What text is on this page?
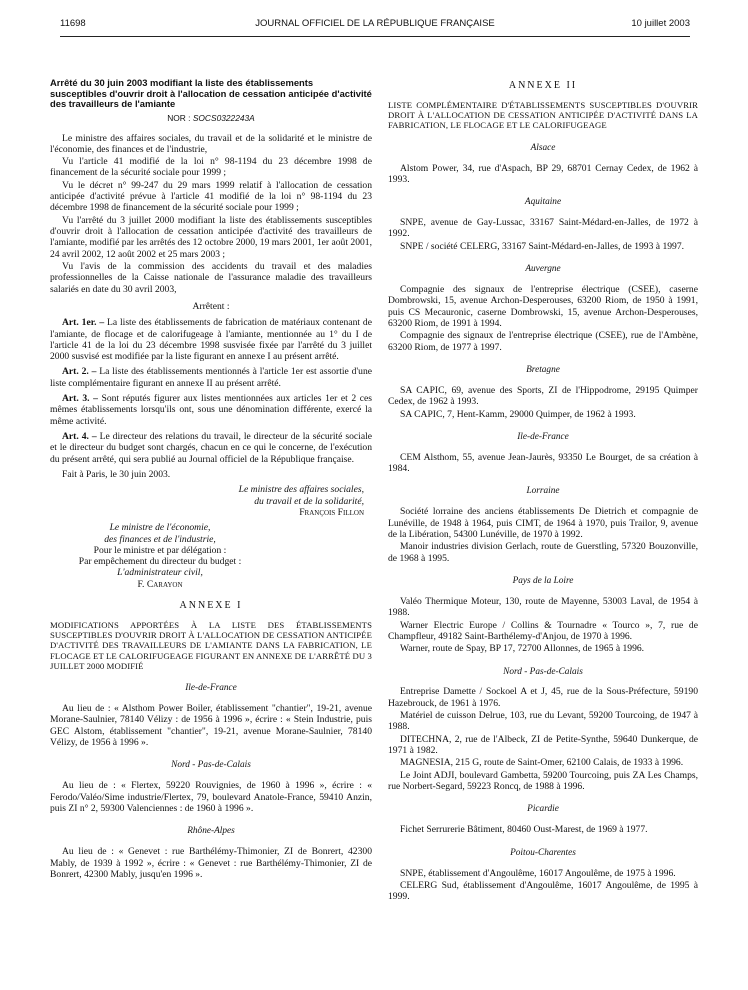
11698	JOURNAL OFFICIEL DE LA RÉPUBLIQUE FRANÇAISE	10 juillet 2003
Arrêté du 30 juin 2003 modifiant la liste des établissements susceptibles d'ouvrir droit à l'allocation de cessation anticipée d'activité des travailleurs de l'amiante
NOR : SOCS0322243A

Le ministre des affaires sociales, du travail et de la solidarité et le ministre de l'économie, des finances et de l'industrie,

Vu l'article 41 modifié de la loi n° 98-1194 du 23 décembre 1998 de financement de la sécurité sociale pour 1999 ;

Vu le décret n° 99-247 du 29 mars 1999 relatif à l'allocation de cessation anticipée d'activité prévue à l'article 41 modifié de la loi n° 98-1194 du 23 décembre 1998 de financement de la sécurité sociale pour 1999 ;

Vu l'arrêté du 3 juillet 2000 modifiant la liste des établissements susceptibles d'ouvrir droit à l'allocation de cessation anticipée d'activité des travailleurs de l'amiante, modifié par les arrêtés des 12 octobre 2000, 19 mars 2001, 1er août 2001, 24 avril 2002, 12 août 2002 et 25 mars 2003 ;

Vu l'avis de la commission des accidents du travail et des maladies professionnelles de la Caisse nationale de l'assurance maladie des travailleurs salariés en date du 30 avril 2003,

Arrêtent :

Art. 1er. – La liste des établissements de fabrication de matériaux contenant de l'amiante, de flocage et de calorifugeage à l'amiante, mentionnée au 1° du I de l'article 41 de la loi du 23 décembre 1998 susvisée fixée par l'arrêté du 3 juillet 2000 susvisé est modifiée par la liste figurant en annexe I au présent arrêté.

Art. 2. – La liste des établissements mentionnés à l'article 1er est assortie d'une liste complémentaire figurant en annexe II au présent arrêté.

Art. 3. – Sont réputés figurer aux listes mentionnées aux articles 1er et 2 ces mêmes établissements lorsqu'ils ont, sous une dénomination différente, exercé la même activité.

Art. 4. – Le directeur des relations du travail, le directeur de la sécurité sociale et le directeur du budget sont chargés, chacun en ce qui le concerne, de l'exécution du présent arrêté, qui sera publié au Journal officiel de la République française.

Fait à Paris, le 30 juin 2003.

Le ministre des affaires sociales,

du travail et de la solidarité,

François Fillon

Le ministre de l'économie,

des finances et de l'industrie,

Pour le ministre et par délégation :

Par empêchement du directeur du budget :

L'administrateur civil,

F. Carayon

ANNEXE I

MODIFICATIONS APPORTÉES À LA LISTE DES ÉTABLISSEMENTS SUSCEPTIBLES D'OUVRIR DROIT À L'ALLOCATION DE CESSATION ANTICIPÉE D'ACTIVITÉ DES TRAVAILLEURS DE L'AMIANTE DANS LA FABRICATION, LE FLOCAGE ET LE CALORIFUGEAGE FIGURANT EN ANNEXE DE L'ARRÊTÉ DU 3 JUILLET 2000 MODIFIÉ

Ile-de-France

Au lieu de : « Alsthom Power Boiler, établissement "chantier", 19-21, avenue Morane-Saulnier, 78140 Vélizy : de 1956 à 1996 », écrire : « Stein Industrie, puis GEC Alstom, établissement "chantier", 19-21, avenue Morane-Saulnier, 78140 Vélizy, de 1956 à 1996 ».

Nord - Pas-de-Calais

Au lieu de : « Flertex, 59220 Rouvignies, de 1960 à 1996 », écrire : « Ferodo/Valéo/Sime industrie/Flertex, 79, boulevard Anatole-France, 59410 Anzin, puis ZI n° 2, 59300 Valenciennes : de 1960 à 1996 ».

Rhône-Alpes

Au lieu de : « Genevet : rue Barthélémy-Thimonier, ZI de Bonrert, 42300 Mably, de 1939 à 1992 », écrire : « Genevet : rue Barthélémy-Thimonier, ZI de Bonrert, 42300 Mably, jusqu'en 1996 ».

ANNEXE II

LISTE COMPLÉMENTAIRE D'ÉTABLISSEMENTS SUSCEPTIBLES D'OUVRIR DROIT À L'ALLOCATION DE CESSATION ANTICIPÉE D'ACTIVITÉ DANS LA FABRICATION, LE FLOCAGE ET LE CALORIFUGEAGE

Alsace

Alstom Power, 34, rue d'Aspach, BP 29, 68701 Cernay Cedex, de 1962 à 1993.

Aquitaine

SNPE, avenue de Gay-Lussac, 33167 Saint-Médard-en-Jalles, de 1972 à 1992.

SNPE / société CELERG, 33167 Saint-Médard-en-Jalles, de 1993 à 1997.

Auvergne

Compagnie des signaux de l'entreprise électrique (CSEE), caserne Dombrowski, 15, avenue Archon-Desperouses, 63200 Riom, de 1950 à 1991, puis CS Mecauronic, caserne Dombrowski, 15, avenue Archon-Desperouses, 63200 Riom, de 1991 à 1994.

Compagnie des signaux de l'entreprise électrique (CSEE), rue de l'Ambène, 63200 Riom, de 1977 à 1997.

Bretagne

SA CAPIC, 69, avenue des Sports, ZI de l'Hippodrome, 29195 Quimper Cedex, de 1962 à 1993.

SA CAPIC, 7, Hent-Kamm, 29000 Quimper, de 1962 à 1993.

Ile-de-France

CEM Alsthom, 55, avenue Jean-Jaurès, 93350 Le Bourget, de sa création à 1984.

Lorraine

Société lorraine des anciens établissements De Dietrich et compagnie de Lunéville, de 1948 à 1964, puis CIMT, de 1964 à 1970, puis Trailor, 9, avenue de la Libération, 54300 Lunéville, de 1970 à 1992.

Manoir industries division Gerlach, route de Guerstling, 57320 Bouzonville, de 1968 à 1995.

Pays de la Loire

Valéo Thermique Moteur, 130, route de Mayenne, 53003 Laval, de 1954 à 1988.

Warner Electric Europe / Collins & Tournadre « Tourco », 7, rue de Champfleur, 49182 Saint-Barthélemy-d'Anjou, de 1970 à 1996.

Warner, route de Spay, BP 17, 72700 Allonnes, de 1965 à 1996.

Nord - Pas-de-Calais

Entreprise Damette / Sockoel A et J, 45, rue de la Sous-Préfecture, 59190 Hazebrouck, de 1961 à 1976.

Matériel de cuisson Delrue, 103, rue du Levant, 59200 Tourcoing, de 1947 à 1988.

DITECHNA, 2, rue de l'Albeck, ZI de Petite-Synthe, 59640 Dunkerque, de 1971 à 1982.

MAGNESIA, 215 G, route de Saint-Omer, 62100 Calais, de 1933 à 1996.

Le Joint ADJI, boulevard Gambetta, 59200 Tourcoing, puis ZA Les Champs, rue Norbert-Segard, 59223 Roncq, de 1988 à 1996.

Picardie

Fichet Serrurerie Bâtiment, 80460 Oust-Marest, de 1969 à 1977.

Poitou-Charentes

SNPE, établissement d'Angoulême, 16017 Angoulême, de 1975 à 1996.

CELERG Sud, établissement d'Angoulême, 16017 Angoulême, de 1995 à 1999.
